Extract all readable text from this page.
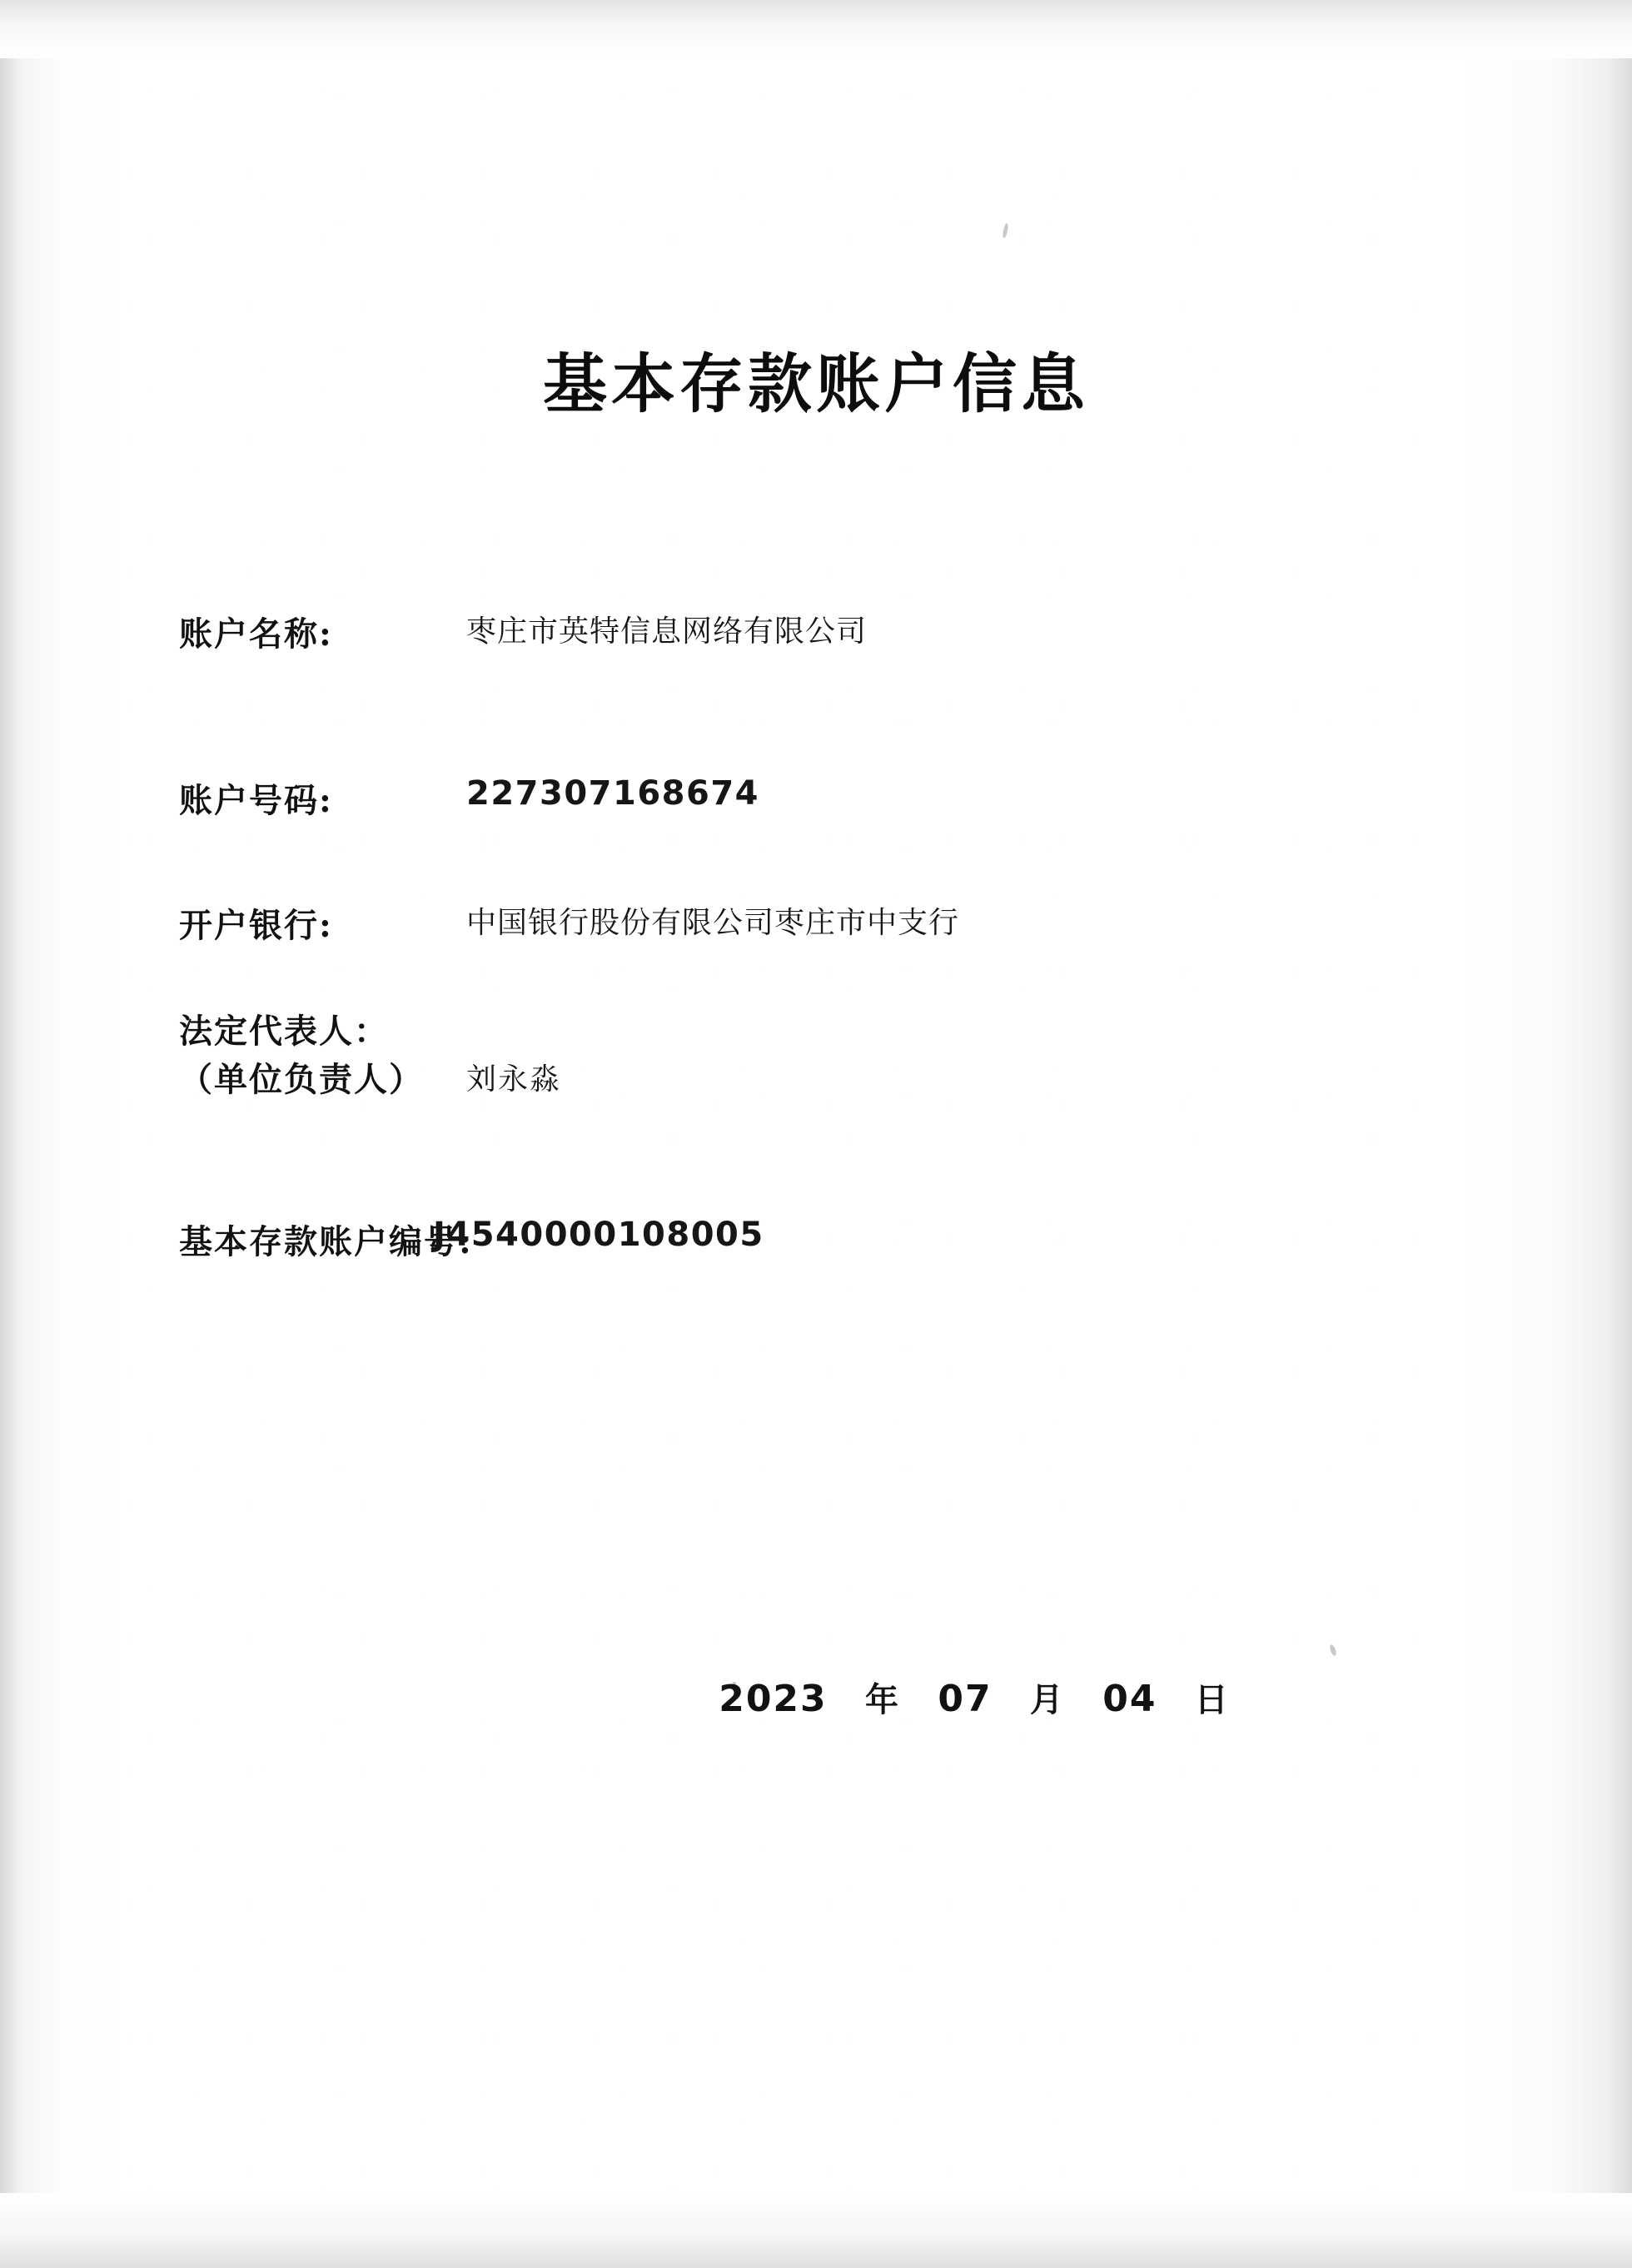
基本存款账户信息
账户名称:	枣庄市英特信息网络有限公司
账户号码:	227307168674
开户银行:	中国银行股份有限公司枣庄市中支行
法定代表人：
（单位负责人）	刘永淼
基本存款账户编号:
J4540000108005
2023 年 07 月 04 日
